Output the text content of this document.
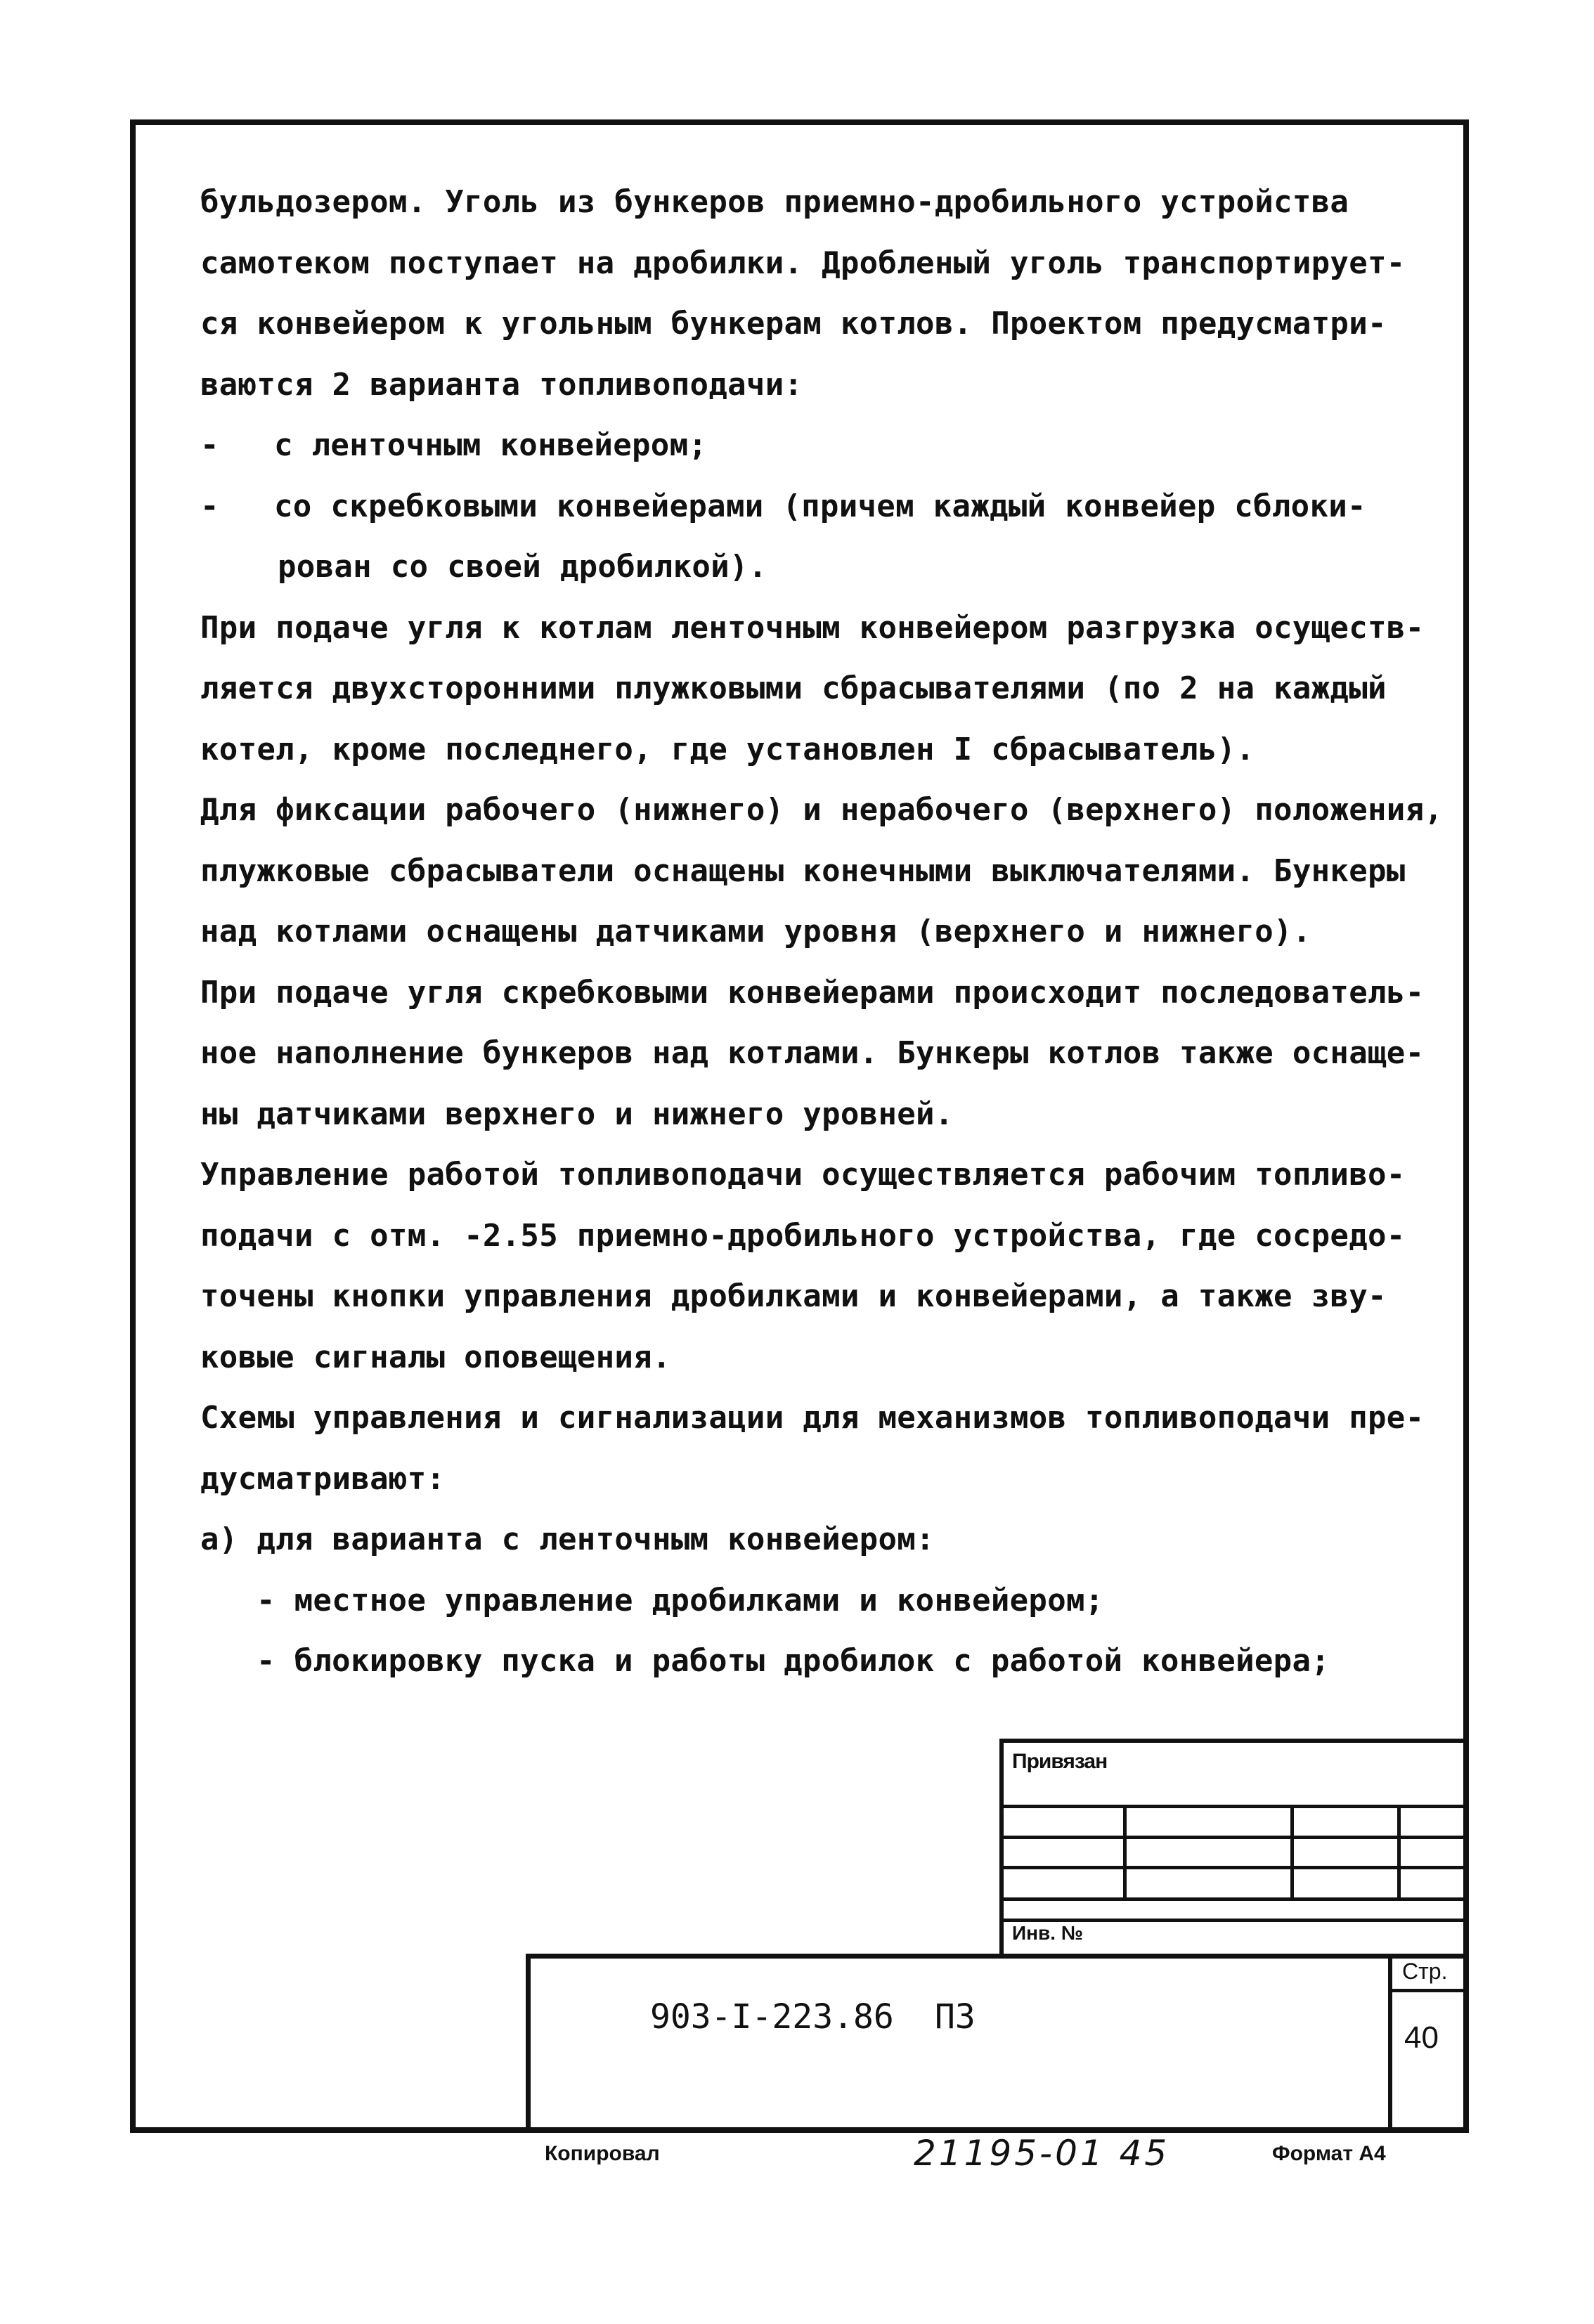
бульдозером. Уголь из бункеров приемно-дробильного устройства
самотеком поступает на дробилки. Дробленый уголь транспортирует-
ся конвейером к угольным бункерам котлов. Проектом предусматри-
ваются 2 варианта топливоподачи:
- с ленточным конвейером;
- со скребковыми конвейерами (причем каждый конвейер сблоки-
рован со своей дробилкой).
При подаче угля к котлам ленточным конвейером разгрузка осуществ-
ляется двухсторонними плужковыми сбрасывателями (по 2 на каждый
котел, кроме последнего, где установлен I сбрасыватель).
Для фиксации рабочего (нижнего) и нерабочего (верхнего) положения,
плужковые сбрасыватели оснащены конечными выключателями. Бункеры
над котлами оснащены датчиками уровня (верхнего и нижнего).
При подаче угля скребковыми конвейерами происходит последователь-
ное наполнение бункеров над котлами. Бункеры котлов также оснаще-
ны датчиками верхнего и нижнего уровней.
Управление работой топливоподачи осуществляется рабочим топливо-
подачи с отм. -2.55 приемно-дробильного устройства, где сосредо-
точены кнопки управления дробилками и конвейерами, а также зву-
ковые сигналы оповещения.
Схемы управления и сигнализации для механизмов топливоподачи пре-
дусматривают:
а) для варианта с ленточным конвейером:
- местное управление дробилками и конвейером;
- блокировку пуска и работы дробилок с работой конвейера;
Привязан
Инв. №
903-I-223.86 ПЗ
Стр.
40
Копировал	21195-01 45	Формат А4
